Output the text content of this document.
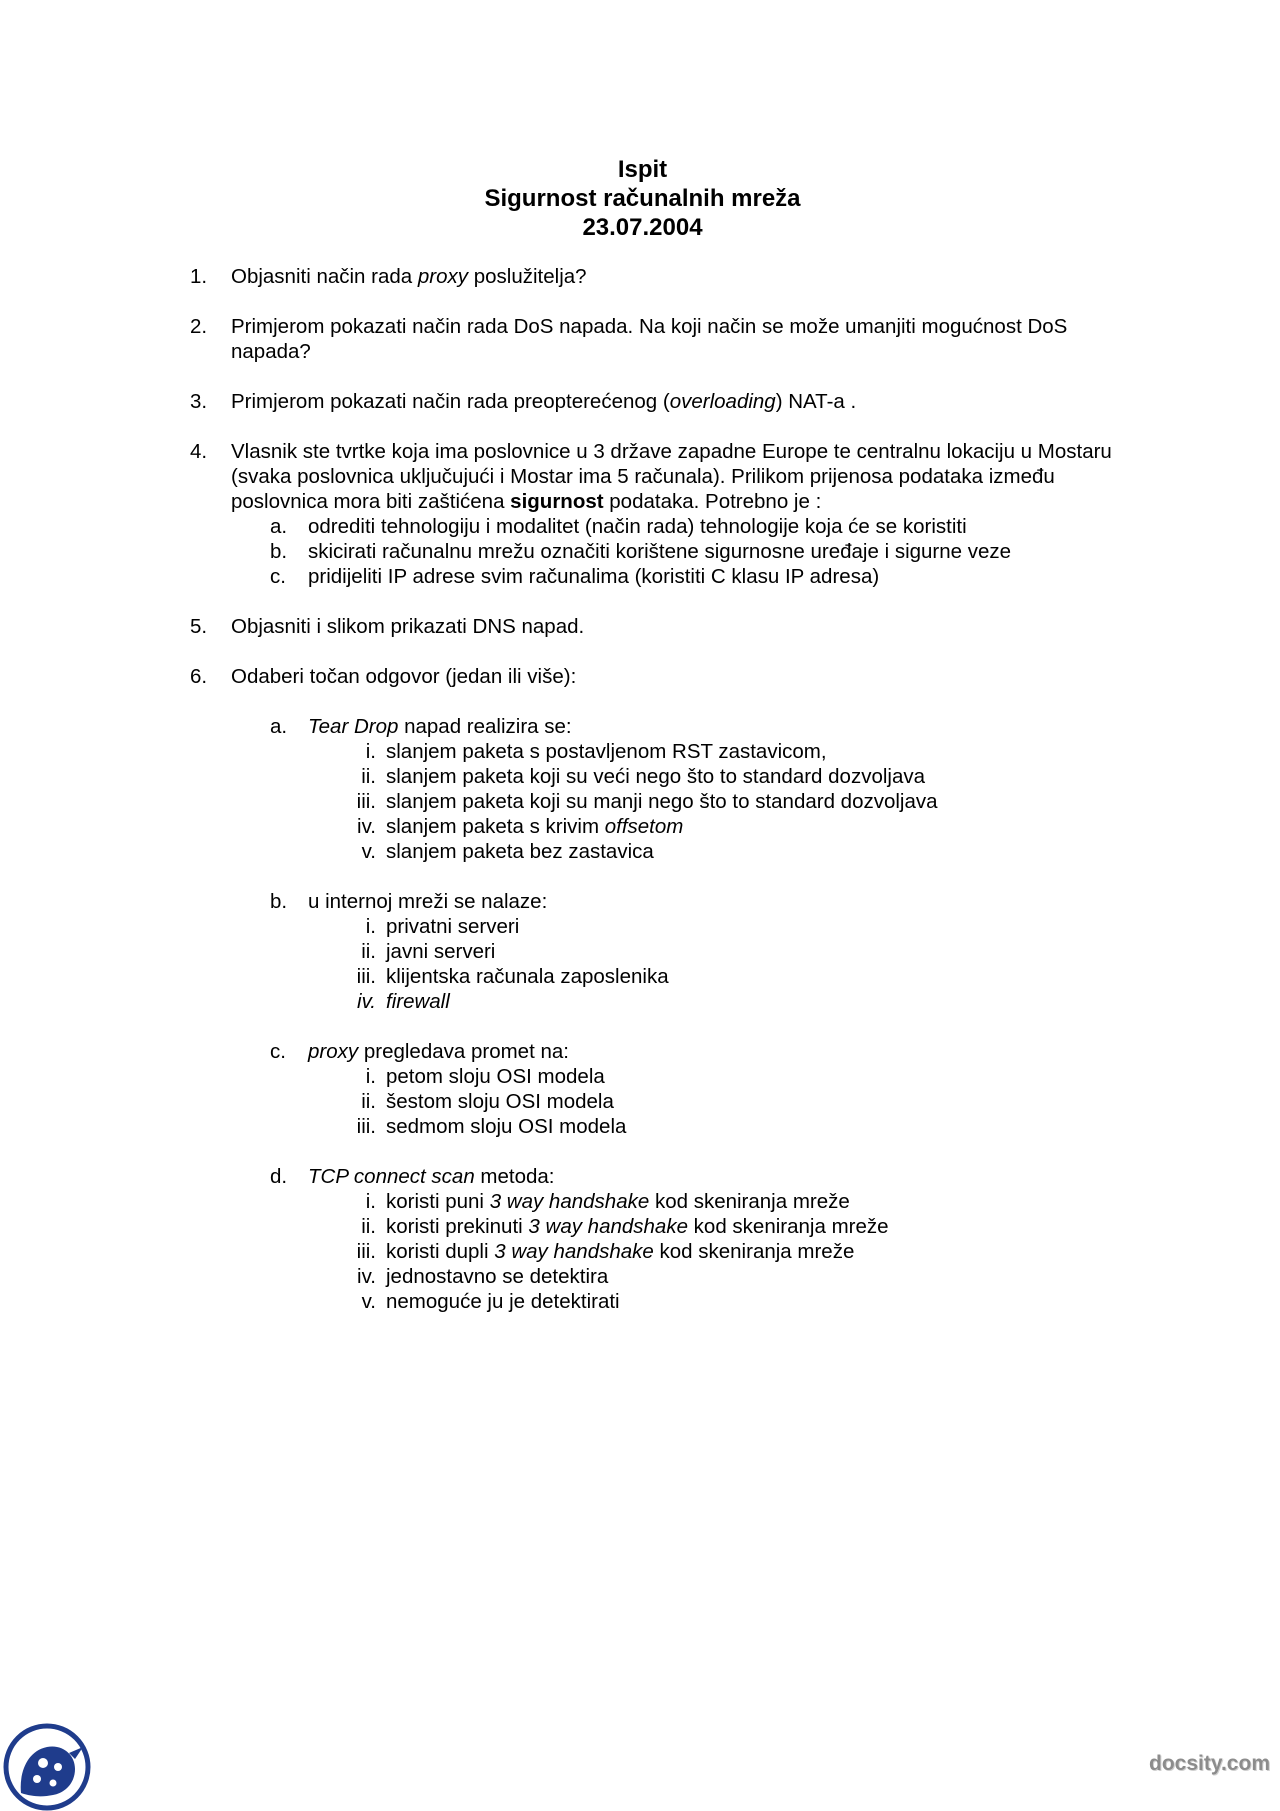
Ispit
Sigurnost računalnih mreža
23.07.2004
1. Objasniti način rada proxy poslužitelja?
2. Primjerom pokazati način rada DoS napada. Na koji način se može umanjiti mogućnost DoS napada?
3. Primjerom pokazati način rada preopterećenog (overloading) NAT-a .
4. Vlasnik ste tvrtke koja ima poslovnice u 3 države zapadne Europe te centralnu lokaciju u Mostaru (svaka poslovnica uključujući i Mostar ima 5 računala). Prilikom prijenosa podataka između poslovnica mora biti zaštićena sigurnost podataka. Potrebno je :
a. odrediti tehnologiju i modalitet (način rada) tehnologije koja će se koristiti
b. skicirati računalnu mrežu označiti korištene sigurnosne uređaje i sigurne veze
c. pridijeliti IP adrese svim računalima (koristiti C klasu IP adresa)
5. Objasniti i slikom prikazati DNS napad.
6. Odaberi točan odgovor (jedan ili više):
a. Tear Drop napad realizira se:
i. slanjem paketa s postavljenom RST zastavicom,
ii. slanjem paketa koji su veći nego što to standard dozvoljava
iii. slanjem paketa koji su manji nego što to standard dozvoljava
iv. slanjem paketa s krivim offsetom
v. slanjem paketa bez zastavica
b. u internoj mreži se nalaze:
i. privatni serveri
ii. javni serveri
iii. klijentska računala zaposlenika
iv. firewall
c. proxy pregledava promet na:
i. petom sloju OSI modela
ii. šestom sloju OSI modela
iii. sedmom sloju OSI modela
d. TCP connect scan metoda:
i. koristi puni 3 way handshake kod skeniranja mreže
ii. koristi prekinuti 3 way handshake kod skeniranja mreže
iii. koristi dupli 3 way handshake kod skeniranja mreže
iv. jednostavno se detektira
v. nemoguće ju je detektirati
docsity.com
